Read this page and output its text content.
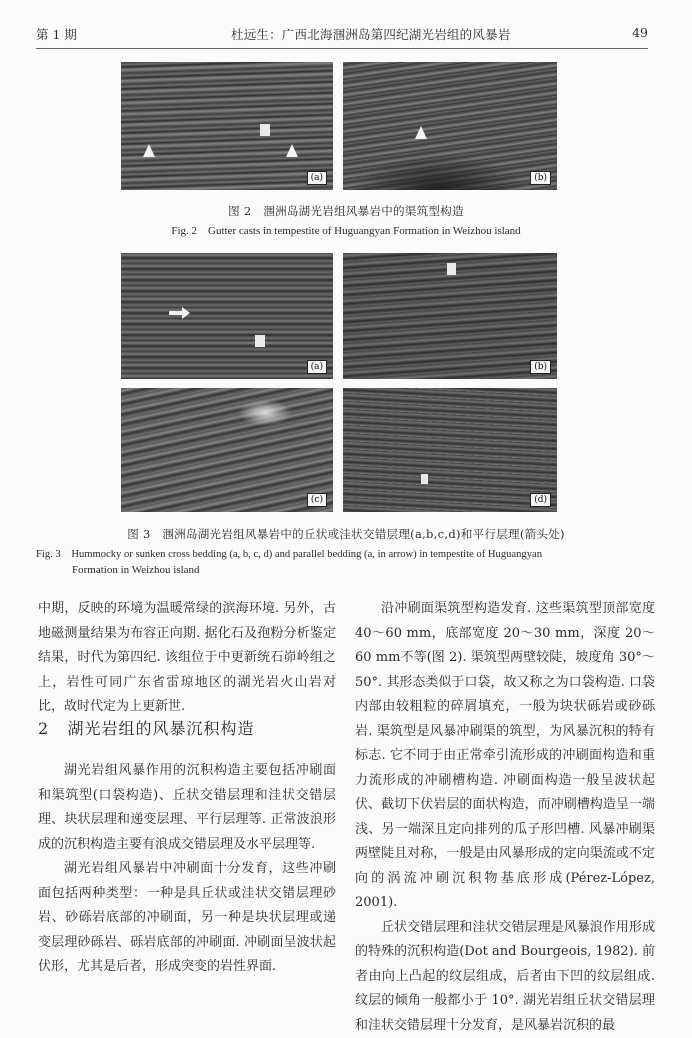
第 1 期	杜远生：广西北海涠洲岛第四纪湖光岩组的风暴岩	49
(a)	(b)
图 2　涠洲岛湖光岩组风暴岩中的渠筑型构造
Fig. 2　Gutter casts in tempestite of Huguangyan Formation in Weizhou island
(a)	(b)
(c)	(d)
图 3　涠洲岛湖光岩组风暴岩中的丘状或洼状交错层理(a,b,c,d)和平行层理(箭头处)
Fig. 3　Hummocky or sunken cross bedding (a, b, c, d) and parallel bedding (a, in arrow) in tempestite of Huguangyan
Formation in Weizhou island

中期，反映的环境为温暖常绿的滨海环境. 另外，古地磁测量结果为布容正向期. 据化石及孢粉分析鉴定结果，时代为第四纪. 该组位于中更新统石峁岭组之上，岩性可同广东省雷琼地区的湖光岩火山岩对比，故时代定为上更新世.

2 湖光岩组的风暴沉积构造

湖光岩组风暴作用的沉积构造主要包括冲刷面和渠筑型(口袋构造)、丘状交错层理和洼状交错层理、块状层理和递变层理、平行层理等. 正常波浪形成的沉积构造主要有浪成交错层理及水平层理等.

湖光岩组风暴岩中冲刷面十分发育，这些冲刷面包括两种类型：一种是具丘状或洼状交错层理砂岩、砂砾岩底部的冲刷面，另一种是块状层理或递变层理砂砾岩、砾岩底部的冲刷面. 冲刷面呈波状起伏形，尤其是后者，形成突变的岩性界面.

沿冲刷面渠筑型构造发育. 这些渠筑型顶部宽度 40～60 mm，底部宽度 20～30 mm，深度 20～60 mm不等(图 2). 渠筑型两壁较陡，坡度角 30°～50°. 其形态类似于口袋，故又称之为口袋构造. 口袋内部由较粗粒的碎屑填充，一般为块状砾岩或砂砾岩. 渠筑型是风暴冲刷渠的筑型，为风暴沉积的特有标志. 它不同于由正常牵引流形成的冲刷面构造和重力流形成的冲刷槽构造. 冲刷面构造一般呈波状起伏、截切下伏岩层的面状构造，而冲刷槽构造呈一端浅、另一端深且定向排列的瓜子形凹槽. 风暴冲刷渠两壁陡且对称，一般是由风暴形成的定向渠流或不定向的涡流冲刷沉积物基底形成(Pérez-López, 2001).

丘状交错层理和洼状交错层理是风暴浪作用形成的特殊的沉积构造(Dot and Bourgeois, 1982). 前者由向上凸起的纹层组成，后者由下凹的纹层组成. 纹层的倾角一般都小于 10°. 湖光岩组丘状交错层理和洼状交错层理十分发育，是风暴岩沉积的最
